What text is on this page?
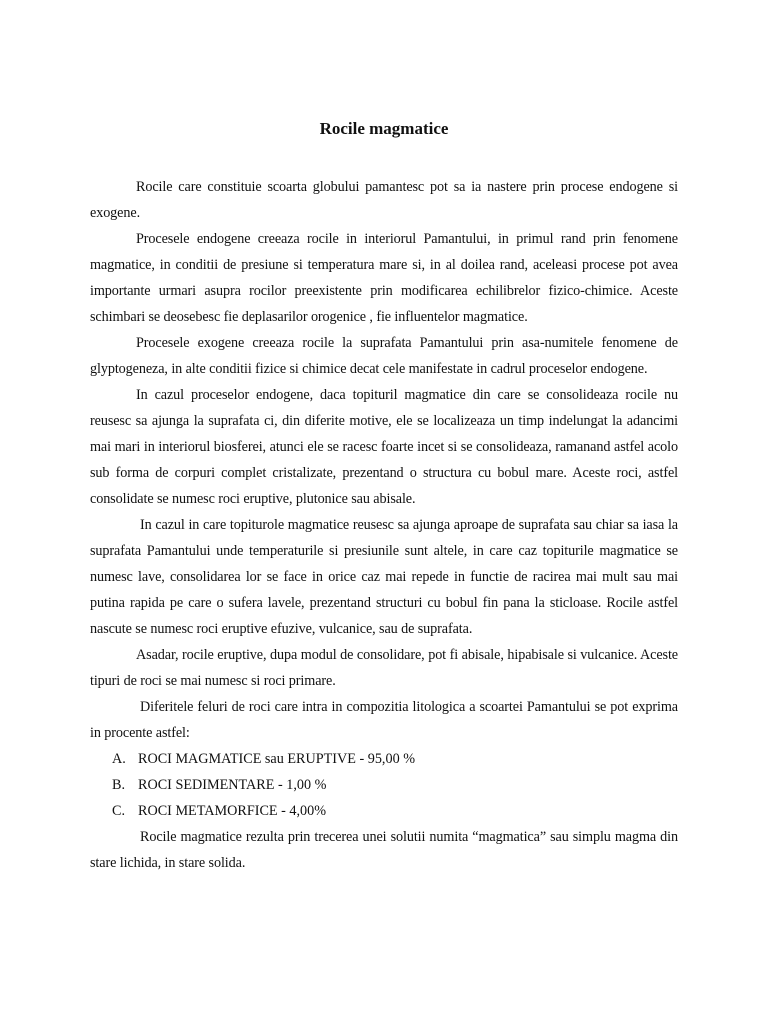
Rocile magmatice

Rocile care constituie scoarta globului pamantesc pot sa ia nastere prin procese endogene si exogene.

Procesele endogene creeaza rocile in interiorul Pamantului, in primul rand prin fenomene magmatice, in conditii de presiune si temperatura mare si, in al doilea rand, aceleasi procese pot avea importante urmari asupra rocilor preexistente prin modificarea echilibrelor fizico-chimice. Aceste schimbari se deosebesc fie deplasarilor orogenice , fie influentelor magmatice.

Procesele exogene creeaza rocile la suprafata Pamantului prin asa-numitele fenomene de glyptogeneza, in alte conditii fizice si chimice decat cele manifestate in cadrul proceselor endogene.

In cazul proceselor endogene, daca topituril magmatice din care se consolideaza rocile nu reusesc sa ajunga la suprafata ci, din diferite motive, ele se localizeaza un timp indelungat la adancimi mai mari in interiorul biosferei, atunci ele se racesc foarte incet si se consolideaza, ramanand astfel acolo sub forma de corpuri complet cristalizate, prezentand o structura cu bobul mare. Aceste roci, astfel consolidate se numesc roci eruptive, plutonice sau abisale.

In cazul in care topiturole magmatice reusesc sa ajunga aproape de suprafata sau chiar sa iasa la suprafata Pamantului unde temperaturile si presiunile sunt altele, in care caz topiturile magmatice se numesc lave, consolidarea lor se face in orice caz mai repede in functie de racirea mai mult sau mai putina rapida pe care o sufera lavele, prezentand structuri cu bobul fin pana la sticloase. Rocile astfel nascute se numesc roci eruptive efuzive, vulcanice, sau de suprafata.

Asadar, rocile eruptive, dupa modul de consolidare, pot fi abisale, hipabisale si vulcanice. Aceste tipuri de roci se mai numesc si roci primare.

Diferitele feluri de roci care intra in compozitia litologica a scoartei Pamantului se pot exprima in procente astfel:

A. ROCI MAGMATICE sau ERUPTIVE - 95,00 %
B. ROCI SEDIMENTARE - 1,00 %
C. ROCI METAMORFICE - 4,00%

Rocile magmatice rezulta prin trecerea unei solutii numita “magmatica” sau simplu magma din stare lichida, in stare solida.
